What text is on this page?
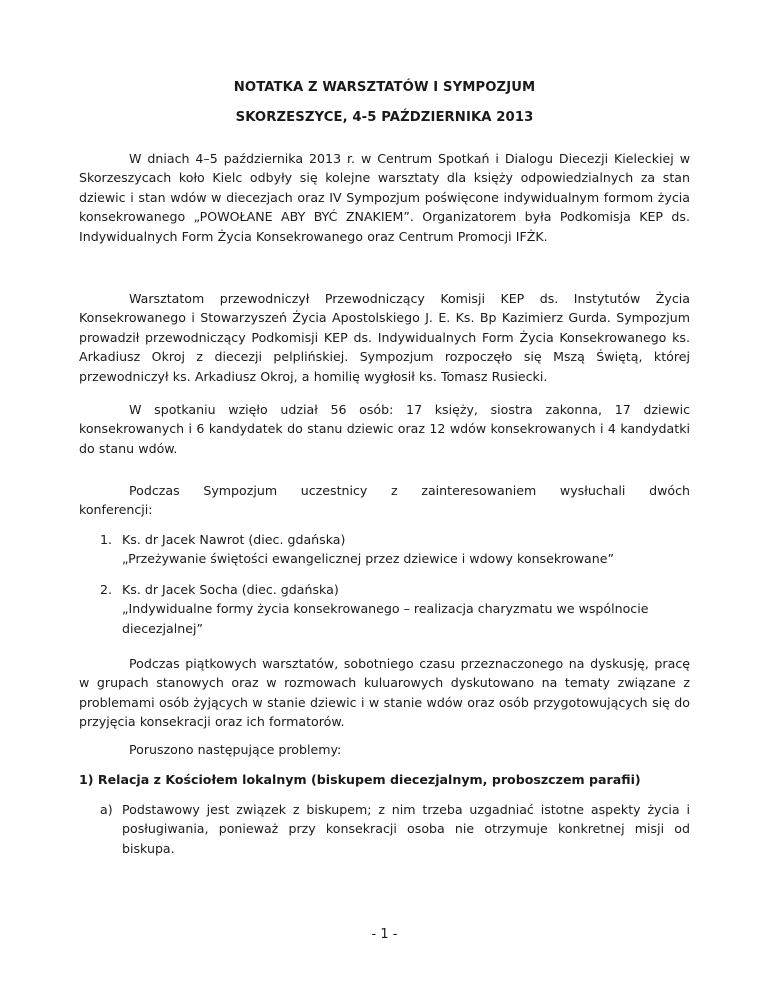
NOTATKA Z WARSZTATÓW I SYMPOZJUM
SKORZESZYCE, 4-5 PAŹDZIERNIKA 2013

W dniach 4–5 października 2013 r. w Centrum Spotkań i Dialogu Diecezji Kieleckiej w Skorzeszycach koło Kielc odbyły się kolejne warsztaty dla księży odpowiedzialnych za stan dziewic i stan wdów w diecezjach oraz IV Sympozjum poświęcone indywidualnym formom życia konsekrowanego „POWOŁANE ABY BYĆ ZNAKIEM”. Organizatorem była Podkomisja KEP ds. Indywidualnych Form Życia Konsekrowanego oraz Centrum Promocji IFŻK.

Warsztatom przewodniczył Przewodniczący Komisji KEP ds. Instytutów Życia Konsekrowanego i Stowarzyszeń Życia Apostolskiego J. E. Ks. Bp Kazimierz Gurda. Sympozjum prowadził przewodniczący Podkomisji KEP ds. Indywidualnych Form Życia Konsekrowanego ks. Arkadiusz Okroj z diecezji pelplińskiej. Sympozjum rozpoczęło się Mszą Świętą, której przewodniczył ks. Arkadiusz Okroj, a homilię wygłosił ks. Tomasz Rusiecki.

W spotkaniu wzięło udział 56 osób: 17 księży, siostra zakonna, 17 dziewic konsekrowanych i 6 kandydatek do stanu dziewic oraz 12 wdów konsekrowanych i 4 kandydatki do stanu wdów.

Podczas Sympozjum uczestnicy z zainteresowaniem wysłuchali dwóch

konferencji:

1. Ks. dr Jacek Nawrot (diec. gdańska)
„Przeżywanie świętości ewangelicznej przez dziewice i wdowy konsekrowane”
2. Ks. dr Jacek Socha (diec. gdańska)
„Indywidualne formy życia konsekrowanego – realizacja charyzmatu we wspólnocie diecezjalnej”

Podczas piątkowych warsztatów, sobotniego czasu przeznaczonego na dyskusję, pracę w grupach stanowych oraz w rozmowach kuluarowych dyskutowano na tematy związane z problemami osób żyjących w stanie dziewic i w stanie wdów oraz osób przygotowujących się do przyjęcia konsekracji oraz ich formatorów.

Poruszono następujące problemy:

1) Relacja z Kościołem lokalnym (biskupem diecezjalnym, proboszczem parafii)

a) Podstawowy jest związek z biskupem; z nim trzeba uzgadniać istotne aspekty życia i posługiwania, ponieważ przy konsekracji osoba nie otrzymuje konkretnej misji od biskupa.
- 1 -
